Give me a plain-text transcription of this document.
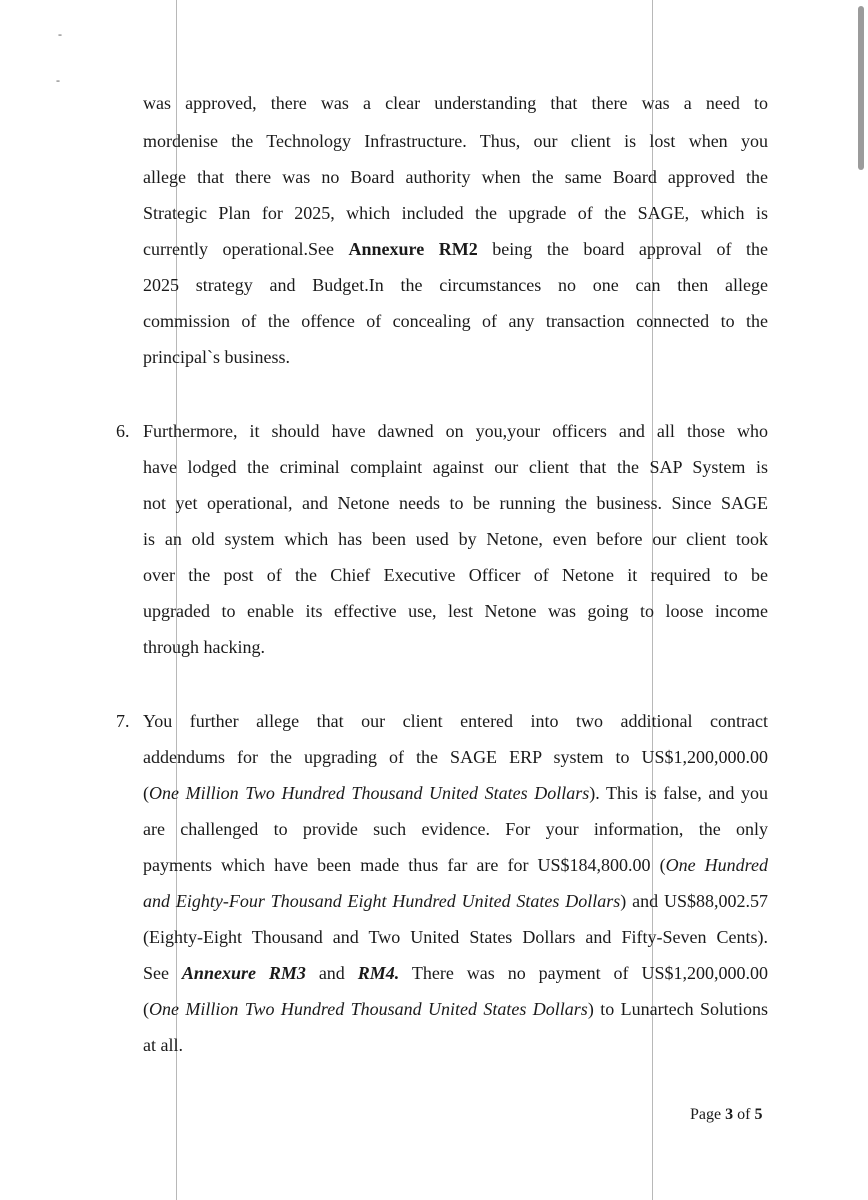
-
-
was approved, there was a clear understanding that there was a need to
mordenise the Technology Infrastructure. Thus, our client is lost when you
allege that there was no Board authority when the same Board approved the
Strategic Plan for 2025, which included the upgrade of the SAGE, which is
currently operational.See Annexure RM2 being the board approval of the
2025 strategy and Budget.In the circumstances no one can then allege
commission of the offence of concealing of any transaction connected to the
principal`s business.
6. Furthermore, it should have dawned on you,your officers and all those who
have lodged the criminal complaint against our client that the SAP System is
not yet operational, and Netone needs to be running the business. Since SAGE
is an old system which has been used by Netone, even before our client took
over the post of the Chief Executive Officer of Netone it required to be
upgraded to enable its effective use, lest Netone was going to loose income
through hacking.
7. You further allege that our client entered into two additional contract
addendums for the upgrading of the SAGE ERP system to US$1,200,000.00
(One Million Two Hundred Thousand United States Dollars). This is false, and you
are challenged to provide such evidence. For your information, the only
payments which have been made thus far are for US$184,800.00 (One Hundred
and Eighty-Four Thousand Eight Hundred United States Dollars) and US$88,002.57
(Eighty-Eight Thousand and Two United States Dollars and Fifty-Seven Cents).
See Annexure RM3 and RM4. There was no payment of US$1,200,000.00
(One Million Two Hundred Thousand United States Dollars) to Lunartech Solutions
at all.
Page 3 of 5
